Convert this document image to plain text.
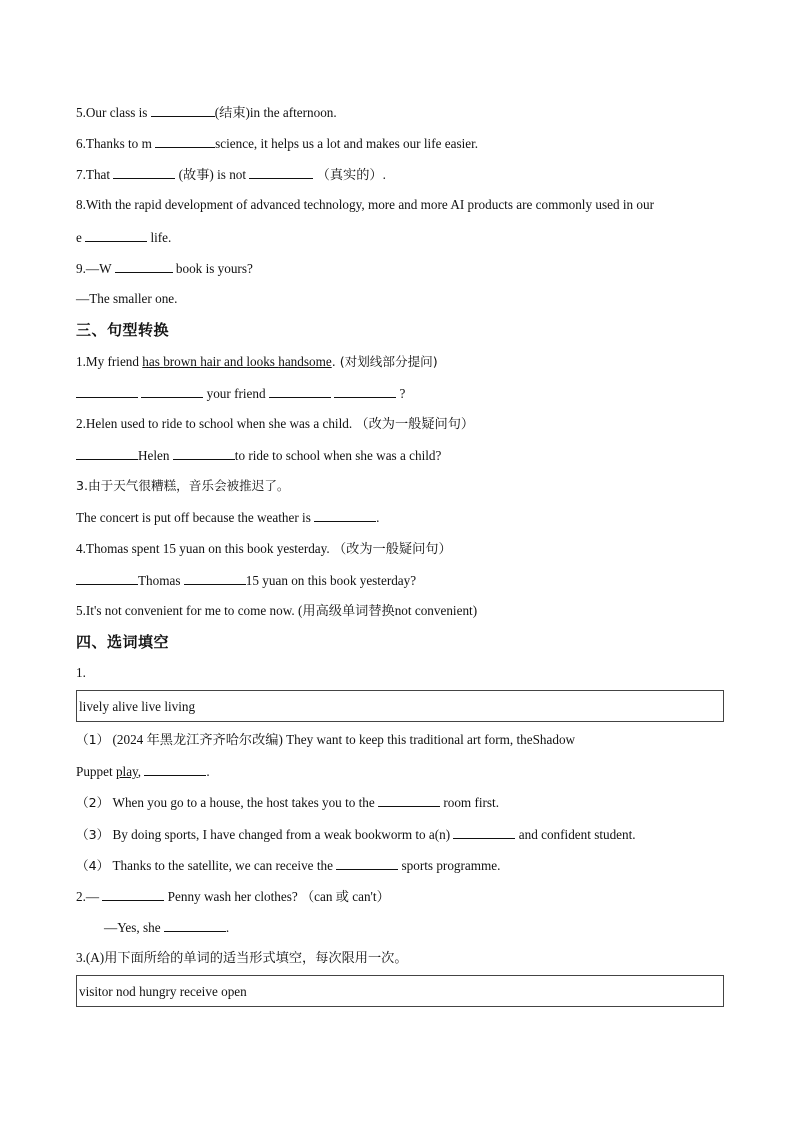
5.Our class is	(结束)in the afternoon.
6.Thanks to m	science, it helps us a lot and makes our life easier.
7.That	(故事) is not	（真实的）.
8.With the rapid development of advanced technology, more and more AI products are commonly used in our
e	life.
9.—W	book is yours?
—The smaller one.
三、句型转换
1.My friend has brown hair and looks handsome. (对划线部分提问)
your friend	?
2.Helen used to ride to school when she was a child. （改为一般疑问句）
Helen	to ride to school when she was a child?
3.由于天气很糟糕，音乐会被推迟了。
The concert is put off because the weather is	.
4.Thomas spent 15 yuan on this book yesterday. （改为一般疑问句）
Thomas	15 yuan on this book yesterday?
5.It's not convenient for me to come now. (用高级单词替换not convenient)
四、选词填空
1.
lively alive live living
（1） (2024 年黑龙江齐齐哈尔改编) They want to keep this traditional art form, theShadow
Puppet play,	.
（2） When you go to a house, the host takes you to the	room first.
（3） By doing sports, I have changed from a weak bookworm to a(n)	and confident student.
（4） Thanks to the satellite, we can receive the	sports programme.
2.—	Penny wash her clothes? （can 或 can't）
—Yes, she	.
3.(A)用下面所给的单词的适当形式填空，每次限用一次。
visitor nod hungry receive open
